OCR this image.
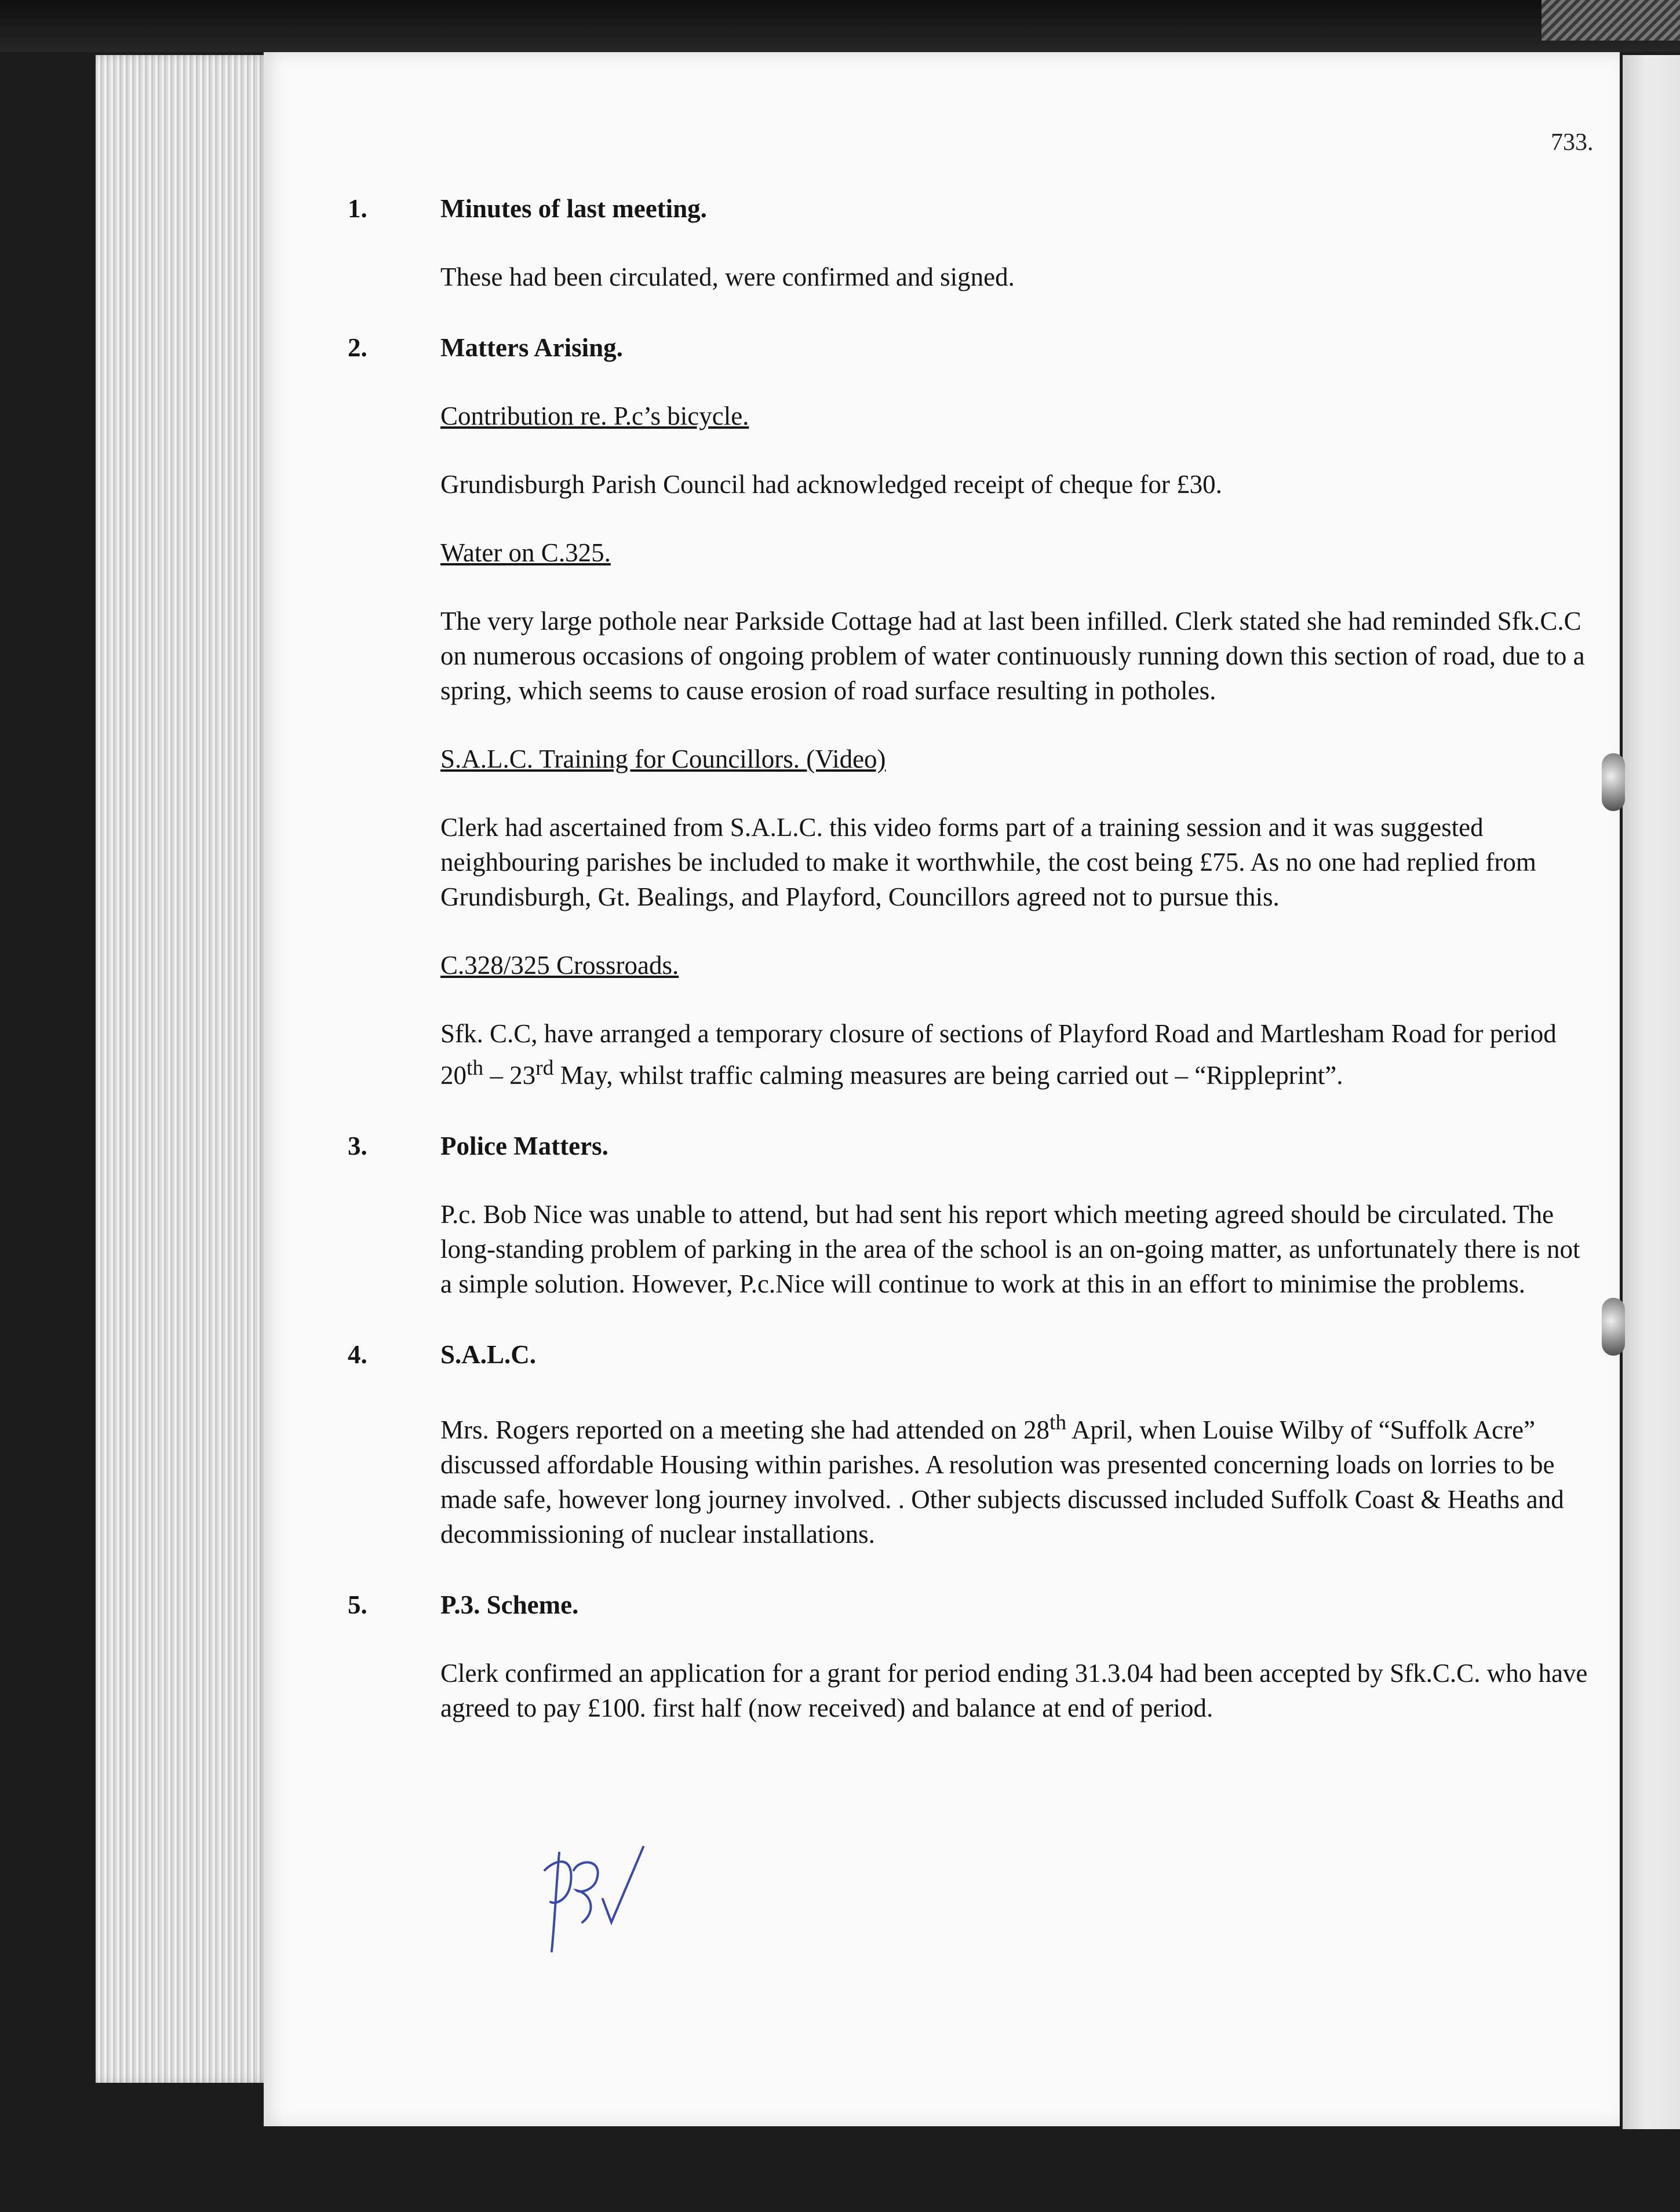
733.
1.	Minutes of last meeting.
These had been circulated, were confirmed and signed.
2.	Matters Arising.
Contribution re. P.c’s bicycle.
Grundisburgh Parish Council had acknowledged receipt of cheque for £30.
Water on C.325.
The very large pothole near Parkside Cottage had at last been infilled. Clerk stated she had reminded Sfk.C.C on numerous occasions of ongoing problem of water continuously running down this section of road, due to a spring, which seems to cause erosion of road surface resulting in potholes.
S.A.L.C. Training for Councillors. (Video)
Clerk had ascertained from S.A.L.C. this video forms part of a training session and it was suggested neighbouring parishes be included to make it worthwhile, the cost being £75. As no one had replied from Grundisburgh, Gt. Bealings, and Playford, Councillors agreed not to pursue this.
C.328/325 Crossroads.
Sfk. C.C, have arranged a temporary closure of sections of Playford Road and Martlesham Road for period 20th – 23rd May, whilst traffic calming measures are being carried out – “Rippleprint”.
3.	Police Matters.
P.c. Bob Nice was unable to attend, but had sent his report which meeting agreed should be circulated. The long-standing problem of parking in the area of the school is an on-going matter, as unfortunately there is not a simple solution. However, P.c.Nice will continue to work at this in an effort to minimise the problems.
4.	S.A.L.C.
Mrs. Rogers reported on a meeting she had attended on 28th April, when Louise Wilby of “Suffolk Acre” discussed affordable Housing within parishes. A resolution was presented concerning loads on lorries to be made safe, however long journey involved. . Other subjects discussed included Suffolk Coast & Heaths and decommissioning of nuclear installations.
5.	P.3. Scheme.
Clerk confirmed an application for a grant for period ending 31.3.04 had been accepted by Sfk.C.C. who have agreed to pay £100. first half (now received) and balance at end of period.
